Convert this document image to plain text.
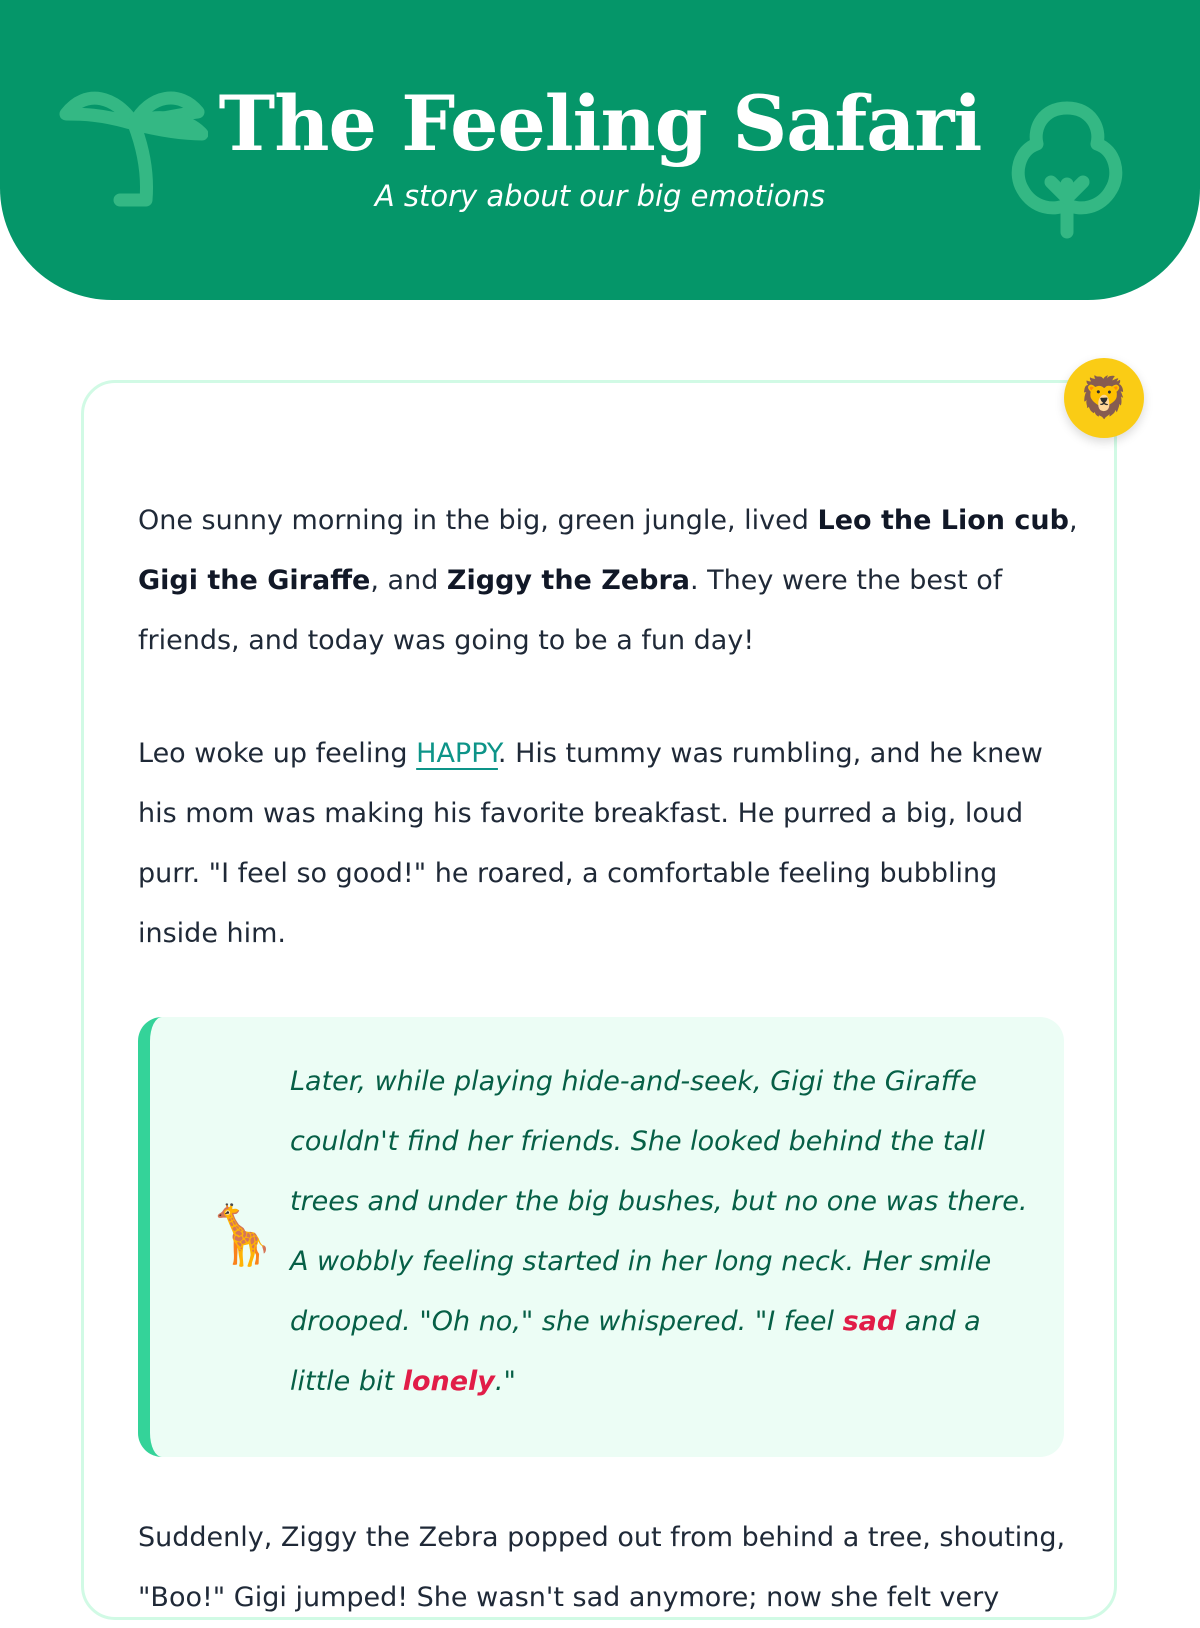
The Feeling Safari

A story about our big emotions

🦁

One sunny morning in the big, green jungle, lived Leo the Lion cub, Gigi the Giraffe, and Ziggy the Zebra. They were the best of friends, and today was going to be a fun day!

Leo woke up feeling HAPPY. His tummy was rumbling, and he knew his mom was making his favorite breakfast. He purred a big, loud purr. "I feel so good!" he roared, a comfortable feeling bubbling inside him.

🦒

Later, while playing hide-and-seek, Gigi the Giraffe couldn't find her friends. She looked behind the tall trees and under the big bushes, but no one was there. A wobbly feeling started in her long neck. Her smile drooped. "Oh no," she whispered. "I feel sad and a little bit lonely."

Suddenly, Ziggy the Zebra popped out from behind a tree, shouting, "Boo!" Gigi jumped! She wasn't sad anymore; now she felt very
